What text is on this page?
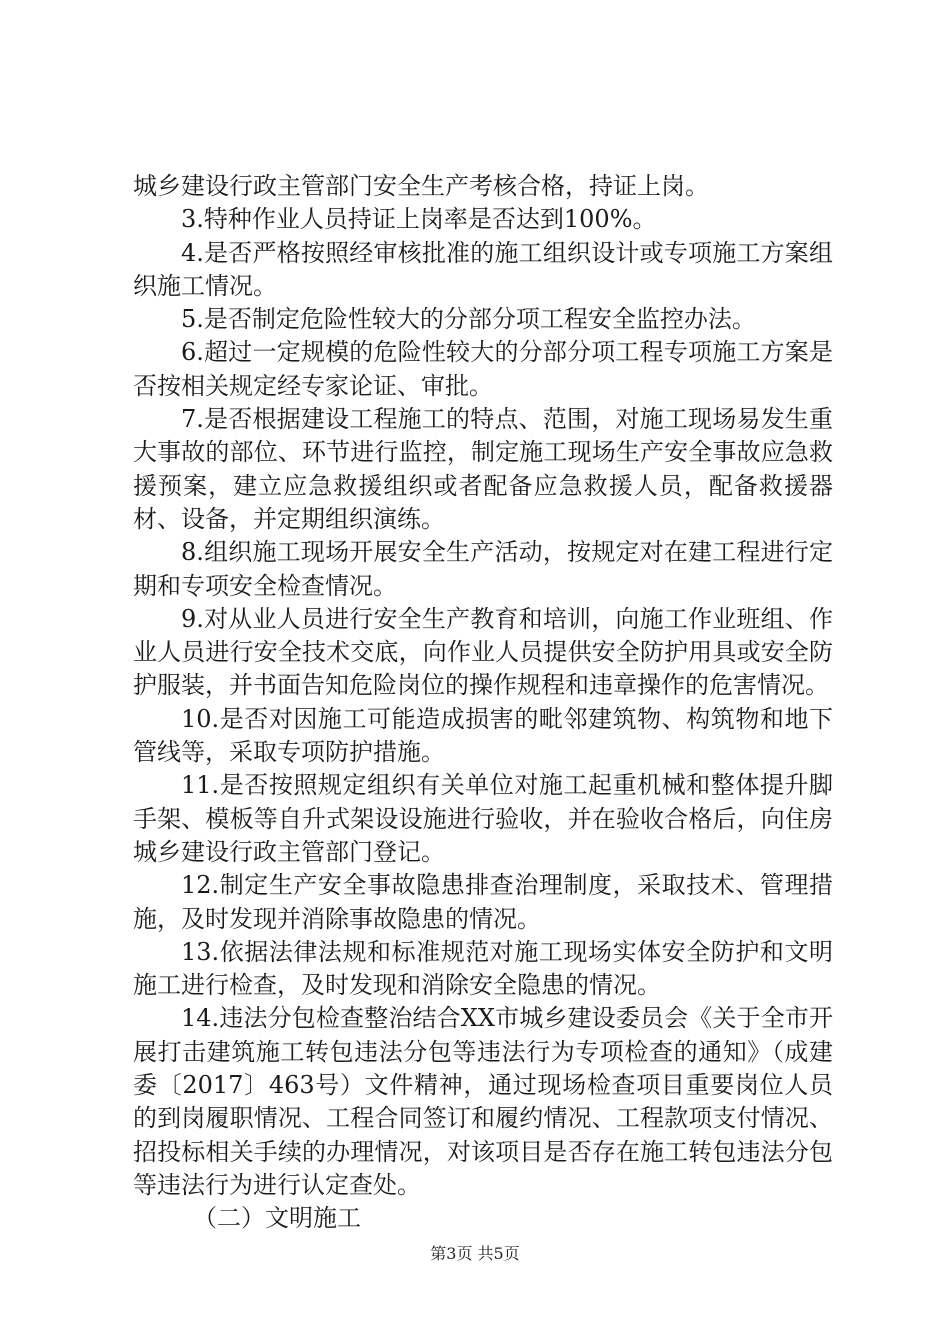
城乡建设行政主管部门安全生产考核合格，持证上岗。

3.特种作业人员持证上岗率是否达到100%。

4.是否严格按照经审核批准的施工组织设计或专项施工方案组织施工情况。

5.是否制定危险性较大的分部分项工程安全监控办法。

6.超过一定规模的危险性较大的分部分项工程专项施工方案是否按相关规定经专家论证、审批。

7.是否根据建设工程施工的特点、范围，对施工现场易发生重大事故的部位、环节进行监控，制定施工现场生产安全事故应急救援预案，建立应急救援组织或者配备应急救援人员，配备救援器材、设备，并定期组织演练。

8.组织施工现场开展安全生产活动，按规定对在建工程进行定期和专项安全检查情况。

9.对从业人员进行安全生产教育和培训，向施工作业班组、作业人员进行安全技术交底，向作业人员提供安全防护用具或安全防护服装，并书面告知危险岗位的操作规程和违章操作的危害情况。

10.是否对因施工可能造成损害的毗邻建筑物、构筑物和地下管线等，采取专项防护措施。

11.是否按照规定组织有关单位对施工起重机械和整体提升脚手架、模板等自升式架设设施进行验收，并在验收合格后，向住房城乡建设行政主管部门登记。

12.制定生产安全事故隐患排查治理制度，采取技术、管理措施，及时发现并消除事故隐患的情况。

13.依据法律法规和标准规范对施工现场实体安全防护和文明施工进行检查，及时发现和消除安全隐患的情况。

14.违法分包检查整治结合XX市城乡建设委员会《关于全市开展打击建筑施工转包违法分包等违法行为专项检查的通知》（成建委〔2017〕463号）文件精神，通过现场检查项目重要岗位人员的到岗履职情况、工程合同签订和履约情况、工程款项支付情况、招投标相关手续的办理情况，对该项目是否存在施工转包违法分包等违法行为进行认定查处。

（二）文明施工

第3页 共5页
